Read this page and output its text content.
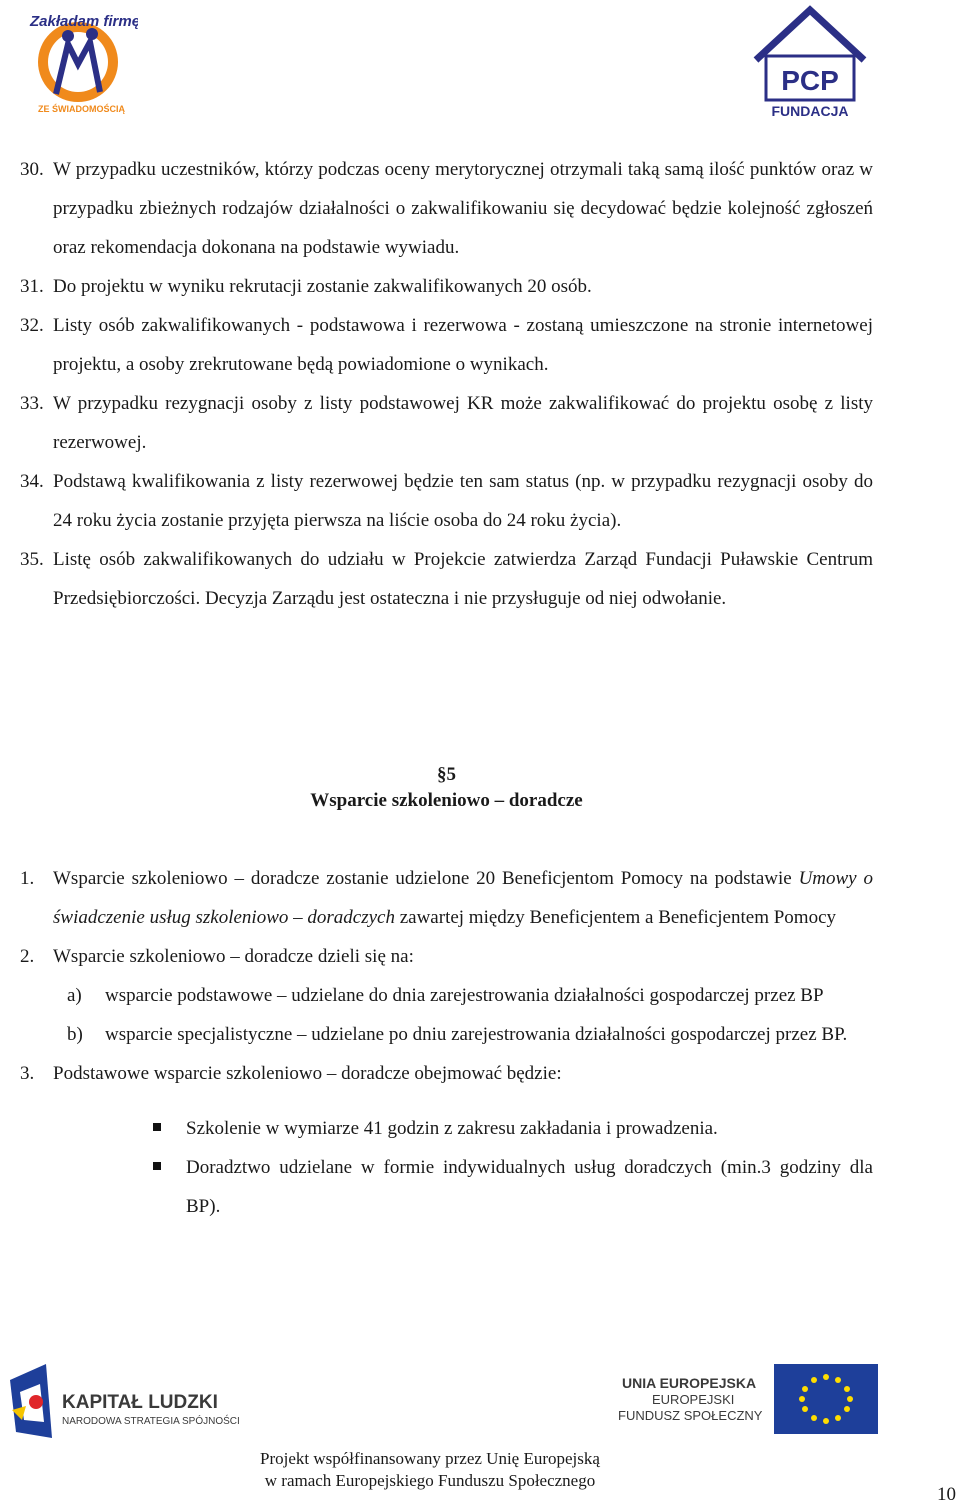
Zakładam firmę
ZE ŚWIADOMOŚCIĄ
PCP
FUNDACJA
30. W przypadku uczestników, którzy podczas oceny merytorycznej otrzymali taką samą ilość punktów oraz w przypadku zbieżnych rodzajów działalności o zakwalifikowaniu się decydować będzie kolejność zgłoszeń oraz rekomendacja dokonana na podstawie wywiadu.
31. Do projektu w wyniku rekrutacji zostanie zakwalifikowanych 20 osób.
32. Listy osób zakwalifikowanych - podstawowa i rezerwowa - zostaną umieszczone na stronie internetowej projektu, a osoby zrekrutowane będą powiadomione o wynikach.
33. W przypadku rezygnacji osoby z listy podstawowej KR może zakwalifikować do projektu osobę z listy rezerwowej.
34. Podstawą kwalifikowania z listy rezerwowej będzie ten sam status (np. w przypadku rezygnacji osoby do 24 roku życia zostanie przyjęta pierwsza na liście osoba do 24 roku życia).
35. Listę osób zakwalifikowanych do udziału w Projekcie zatwierdza Zarząd Fundacji Puławskie Centrum Przedsiębiorczości. Decyzja Zarządu jest ostateczna i nie przysługuje od niej odwołanie.
§5
Wsparcie szkoleniowo – doradcze
1. Wsparcie szkoleniowo – doradcze zostanie udzielone 20 Beneficjentom Pomocy na podstawie Umowy o świadczenie usług szkoleniowo – doradczych zawartej między Beneficjentem a Beneficjentem Pomocy
2. Wsparcie szkoleniowo – doradcze dzieli się na:
a) wsparcie podstawowe – udzielane do dnia zarejestrowania działalności gospodarczej przez BP
b) wsparcie specjalistyczne – udzielane po dniu zarejestrowania działalności gospodarczej przez BP.
3. Podstawowe wsparcie szkoleniowo – doradcze obejmować będzie:
Szkolenie w wymiarze 41 godzin z zakresu zakładania i prowadzenia.
Doradztwo udzielane w formie indywidualnych usług doradczych (min.3 godziny dla BP).
KAPITAŁ LUDZKI
NARODOWA STRATEGIA SPÓJNOŚCI
UNIA EUROPEJSKA
EUROPEJSKI
FUNDUSZ SPOŁECZNY
Projekt współfinansowany przez Unię Europejską
w ramach Europejskiego Funduszu Społecznego
10
